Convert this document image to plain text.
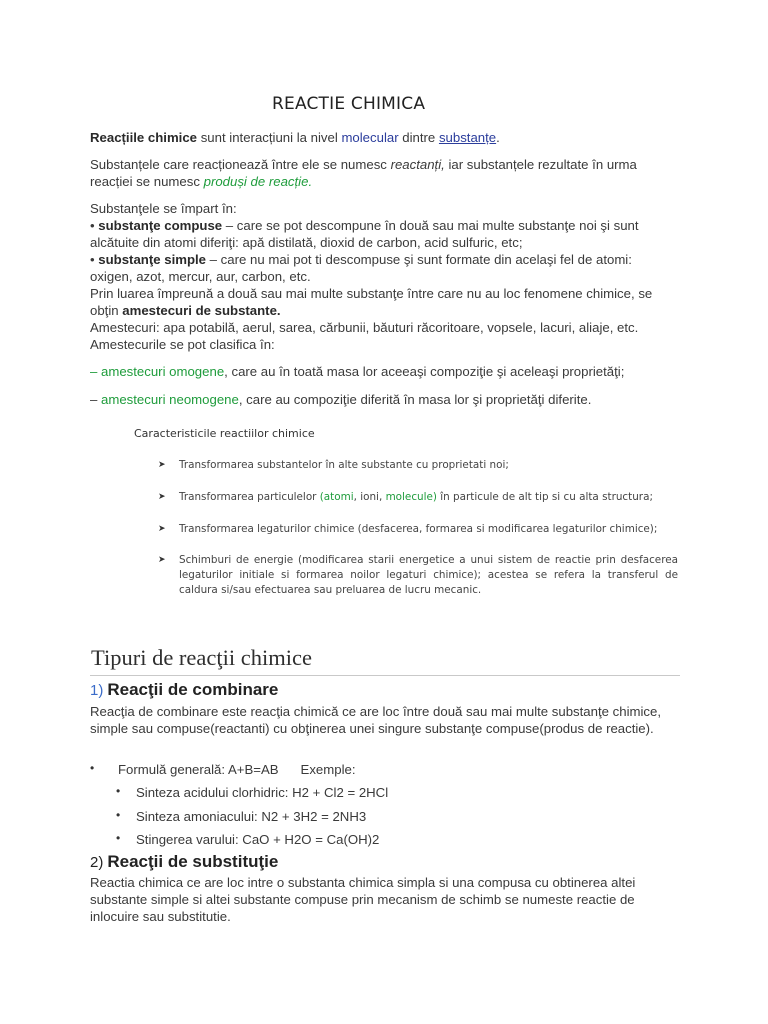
REACTIE CHIMICA
Reacțiile chimice sunt interacțiuni la nivel molecular dintre substanțe.
Substanțele care reacționează între ele se numesc reactanți, iar substanțele rezultate în urma
reacției se numesc produși de reacție.
Substanţele se împart în:
• substanţe compuse – care se pot descompune în două sau mai multe substanţe noi şi sunt
alcătuite din atomi diferiţi: apă distilată, dioxid de carbon, acid sulfuric, etc;
• substanţe simple – care nu mai pot ti descompuse şi sunt formate din acelaşi fel de atomi:
oxigen, azot, mercur, aur, carbon, etc.
Prin luarea împreună a două sau mai multe substanţe între care nu au loc fenomene chimice, se
obţin amestecuri de substante.
Amestecuri: apa potabilă, aerul, sarea, cărbunii, băuturi răcoritoare, vopsele, lacuri, aliaje, etc.
Amestecurile se pot clasifica în:
– amestecuri omogene, care au în toată masa lor aceeaşi compoziţie şi aceleaşi proprietăţi;
– amestecuri neomogene, care au compoziţie diferită în masa lor şi proprietăţi diferite.
Caracteristicile reactiilor chimice
➤ Transformarea substantelor în alte substante cu proprietati noi;
➤ Transformarea particulelor (atomi, ioni, molecule) în particule de alt tip si cu alta structura;
➤ Transformarea legaturilor chimice (desfacerea, formarea si modificarea legaturilor chimice);
➤ Schimburi de energie (modificarea starii energetice a unui sistem de reactie prin desfacerea legaturilor initiale si formarea noilor legaturi chimice); acestea se refera la transferul de caldura si/sau efectuarea sau preluarea de lucru mecanic.
Tipuri de reacţii chimice
1) Reacţii de combinare
Reacţia de combinare este reacţia chimică ce are loc între două sau mai multe substanţe chimice,
simple sau compuse(reactanti) cu obţinerea unei singure substanţe compuse(produs de reactie).
• Formulă generală: A+B=AB Exemple:
• Sinteza acidului clorhidric: H2 + Cl2 = 2HCl
• Sinteza amoniacului: N2 + 3H2 = 2NH3
• Stingerea varului: CaO + H2O = Ca(OH)2
2) Reacţii de substituţie
Reactia chimica ce are loc intre o substanta chimica simpla si una compusa cu obtinerea altei
substante simple si altei substante compuse prin mecanism de schimb se numeste reactie de
inlocuire sau substitutie.
